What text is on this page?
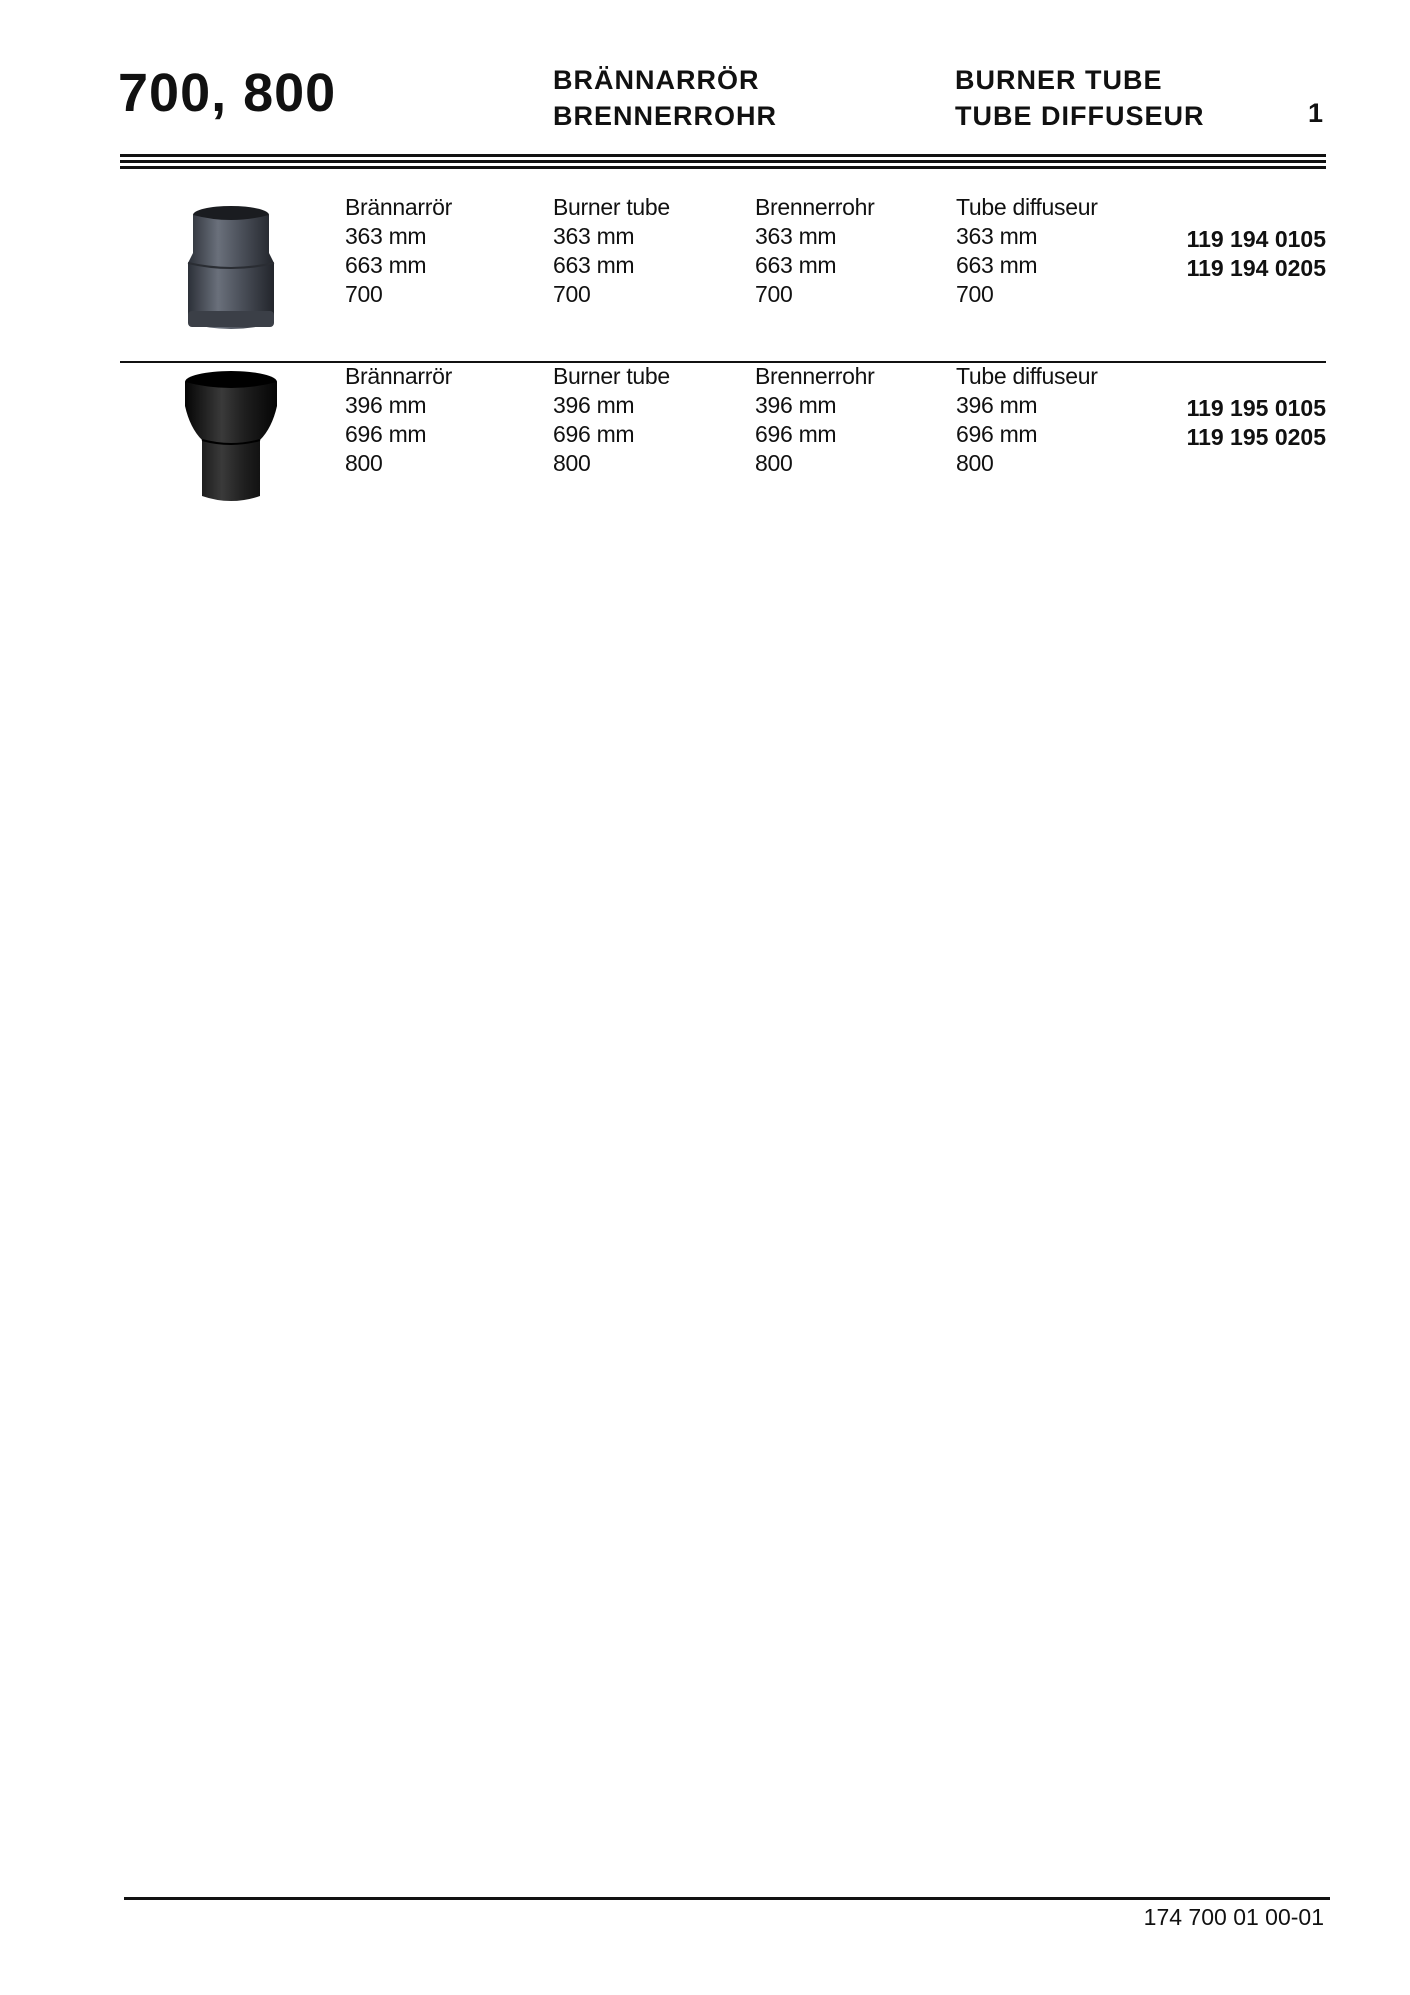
700, 800	BRÄNNARRÖR
BRENNERROHR
BURNER TUBE
TUBE DIFFUSEUR	1
Brännarrör
363 mm
663 mm
700
Burner tube
363 mm
663 mm
700
Brennerrohr
363 mm
663 mm
700
Tube diffuseur
363 mm
663 mm
700
119 194 0105
119 194 0205
Brännarrör
396 mm
696 mm
800
Burner tube
396 mm
696 mm
800
Brennerrohr
396 mm
696 mm
800
Tube diffuseur
396 mm
696 mm
800
119 195 0105
119 195 0205
174 700 01 00-01
